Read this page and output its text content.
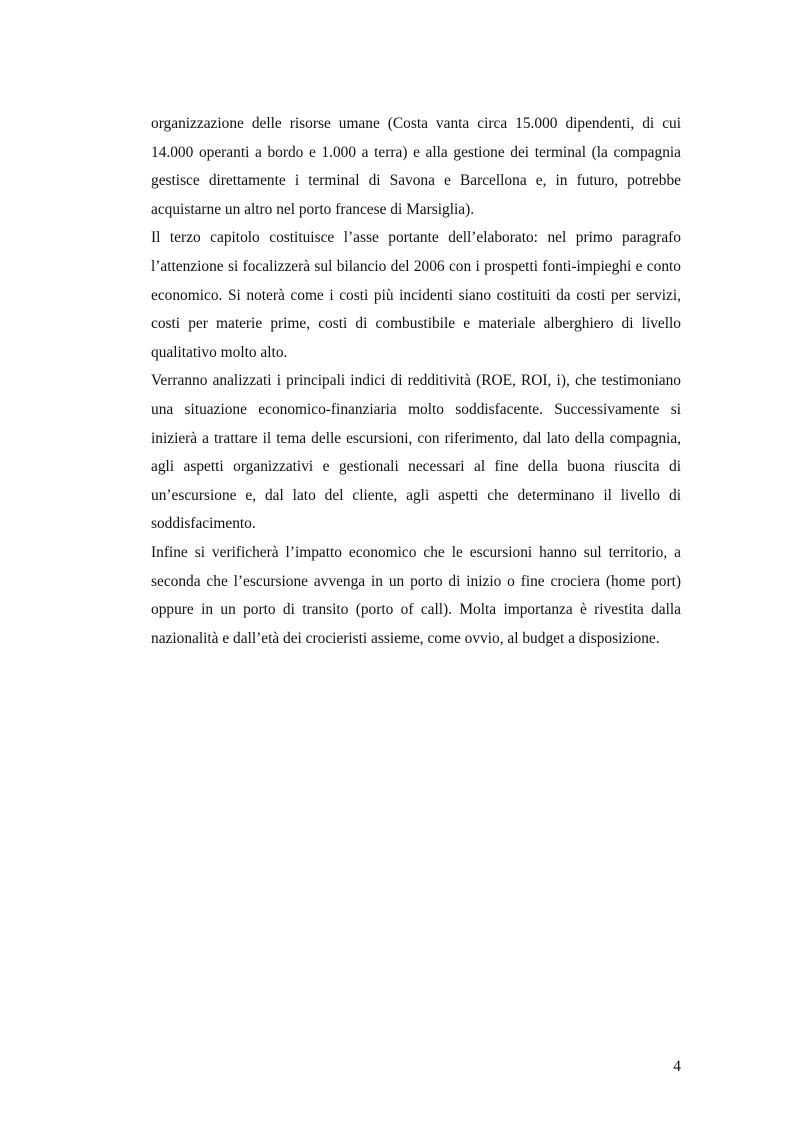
organizzazione delle risorse umane (Costa vanta circa 15.000 dipendenti, di cui 14.000 operanti a bordo e 1.000 a terra) e alla gestione dei terminal (la compagnia gestisce direttamente i terminal di Savona e Barcellona e, in futuro, potrebbe acquistarne un altro nel porto francese di Marsiglia).

Il terzo capitolo costituisce l’asse portante dell’elaborato: nel primo paragrafo l’attenzione si focalizzerà sul bilancio del 2006 con i prospetti fonti-impieghi e conto economico. Si noterà come i costi più incidenti siano costituiti da costi per servizi, costi per materie prime, costi di combustibile e materiale alberghiero di livello qualitativo molto alto.

Verranno analizzati i principali indici di redditività (ROE, ROI, i), che testimoniano una situazione economico-finanziaria molto soddisfacente. Successivamente si inizierà a trattare il tema delle escursioni, con riferimento, dal lato della compagnia, agli aspetti organizzativi e gestionali necessari al fine della buona riuscita di un’escursione e, dal lato del cliente, agli aspetti che determinano il livello di soddisfacimento.

Infine si verificherà l’impatto economico che le escursioni hanno sul territorio, a seconda che l’escursione avvenga in un porto di inizio o fine crociera (home port) oppure in un porto di transito (porto of call). Molta importanza è rivestita dalla nazionalità e dall’età dei crocieristi assieme, come ovvio, al budget a disposizione.

4
